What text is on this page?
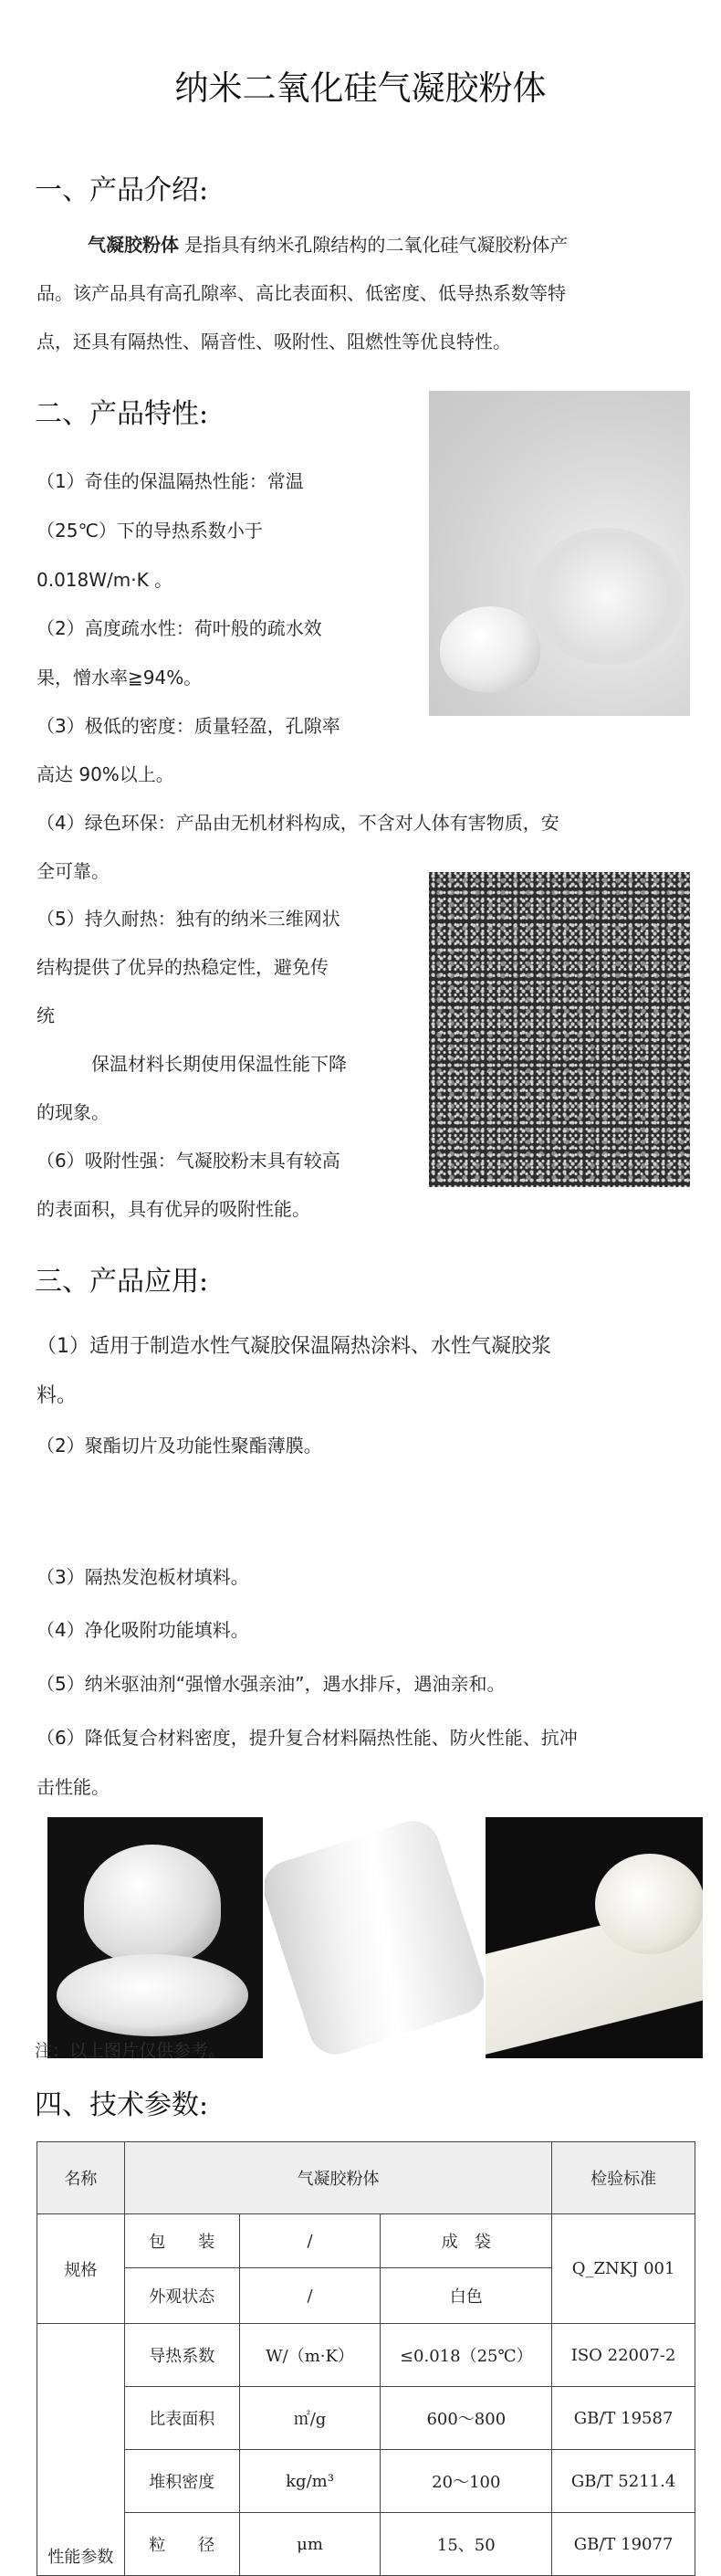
纳米二氧化硅气凝胶粉体
一、产品介绍:
气凝胶粉体 是指具有纳米孔隙结构的二氧化硅气凝胶粉体产
品。该产品具有高孔隙率、高比表面积、低密度、低导热系数等特
点，还具有隔热性、隔音性、吸附性、阻燃性等优良特性。
二、产品特性:
（1）奇佳的保温隔热性能：常温
（25℃）下的导热系数小于
0.018W/m·K 。
（2）高度疏水性：荷叶般的疏水效
果，憎水率≧94%。
（3）极低的密度：质量轻盈，孔隙率
高达 90%以上。
（4）绿色环保：产品由无机材料构成，不含对人体有害物质，安
全可靠。
（5）持久耐热：独有的纳米三维网状
结构提供了优异的热稳定性，避免传
统
保温材料长期使用保温性能下降
的现象。
（6）吸附性强：气凝胶粉末具有较高
的表面积，具有优异的吸附性能。
三、产品应用:
（1）适用于制造水性气凝胶保温隔热涂料、水性气凝胶浆
料。
（2）聚酯切片及功能性聚酯薄膜。
（3）隔热发泡板材填料。
（4）净化吸附功能填料。
（5）纳米驱油剂“强憎水强亲油”，遇水排斥，遇油亲和。
（6）降低复合材料密度，提升复合材料隔热性能、防火性能、抗冲
击性能。
注：以上图片仅供参考。
四、技术参数:
名称	气凝胶粉体			检验标准
规格	包　　装	/	成　袋	Q_ZNKJ 001
	外观状态	/	白色	
性能参数	导热系数	W/（m·K）	≤0.018（25℃）	ISO 22007-2
	比表面积	㎡/g	600～800	GB/T 19587
	堆积密度	kg/m³	20～100	GB/T 5211.4
	粒　　径	μm	15、50	GB/T 19077
